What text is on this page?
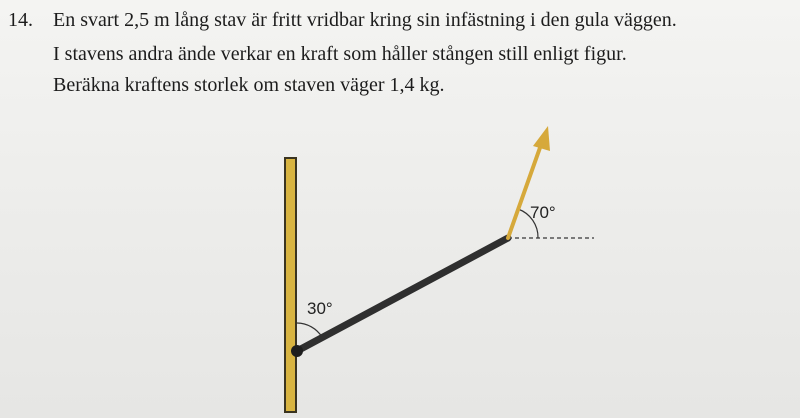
14. En svart 2,5 m lång stav är fritt vridbar kring sin infästning i den gula väggen.
I stavens andra ände verkar en kraft som håller stången still enligt figur.
Beräkna kraftens storlek om staven väger 1,4 kg.
30°
70°
